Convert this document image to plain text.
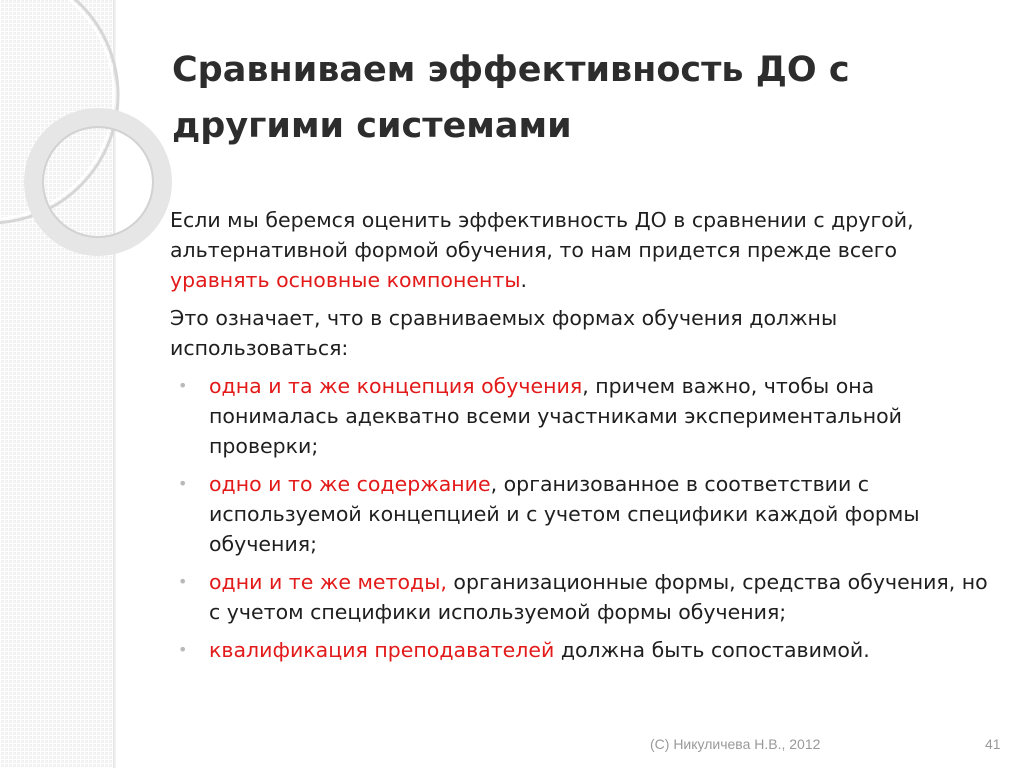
Сравниваем эффективность ДО с другими системами

Если мы беремся оценить эффективность ДО в сравнении с другой, альтернативной формой обучения, то нам придется прежде всего уравнять основные компоненты.

Это означает, что в сравниваемых формах обучения должны использоваться:

• одна и та же концепция обучения, причем важно, чтобы она понималась адекватно всеми участниками экспериментальной проверки;
• одно и то же содержание, организованное в соответствии с используемой концепцией и с учетом специфики каждой формы обучения;
• одни и те же методы, организационные формы, средства обучения, но с учетом специфики используемой формы обучения;
• квалификация преподавателей должна быть сопоставимой.
(C) Никуличева Н.В., 2012	41
